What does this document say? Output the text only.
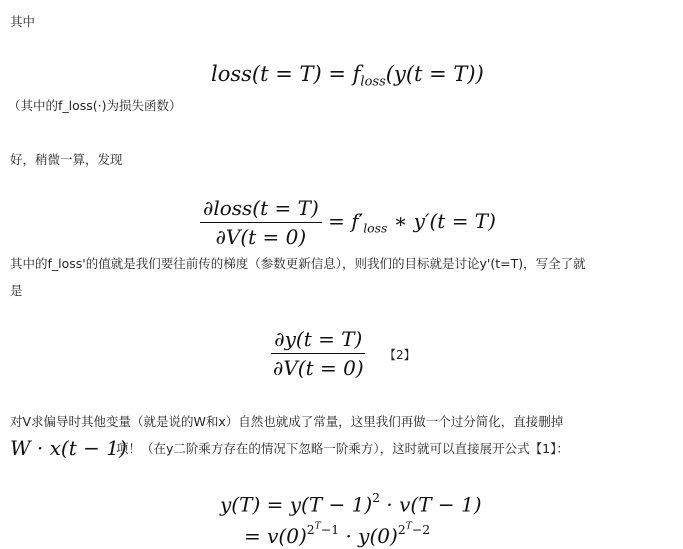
其中
loss(t = $T) = f_{loss}(y(t = T))$
（其中的f_loss(·)为损失函数）
好，稍微一算，发现
$\frac{\text{∂loss(t = T)}}{\partial V(t = 0)} = f'_{loss}$ ∗ y′(t = T)
其中的f_loss'的值就是我们要往前传的梯度（参数更新信息），则我们的目标就是讨论y'(t=T)，写全了就
是
$\frac{\partial y(t = T)}{\partial V(t = 0)}$ 【2】
对V求偏导时其他变量（就是说的W和x）自然也就成了常量，这里我们再做一个过分简化，直接删掉
W · x(t − 1)
项！（在y二阶乘方存在的情况下忽略一阶乘方），这时就可以直接展开公式【1】：
$y(T) = y(T - 1)^2 \cdot v(T - 1)$
= $v(0)^{2^T-1} \cdot y(0)^{2^T-2}$
